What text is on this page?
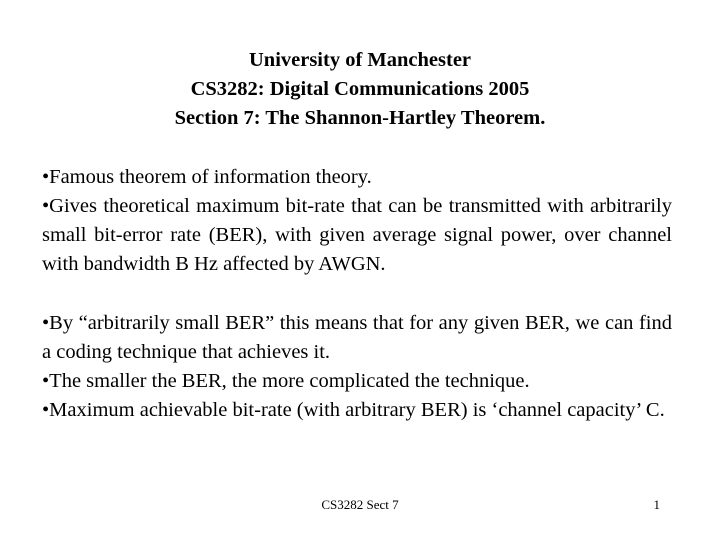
University of Manchester
CS3282: Digital Communications 2005
Section 7: The Shannon-Hartley Theorem.

•Famous theorem of information theory.

•Gives theoretical maximum bit-rate that can be transmitted with arbitrarily small bit-error rate (BER), with given average signal power, over channel with bandwidth B Hz affected by AWGN.

•By “arbitrarily small BER” this means that for any given BER, we can find a coding technique that achieves it.

•The smaller the BER, the more complicated the technique.

•Maximum achievable bit-rate (with arbitrary BER) is ‘channel capacity’ C.

CS3282 Sect 7	1
